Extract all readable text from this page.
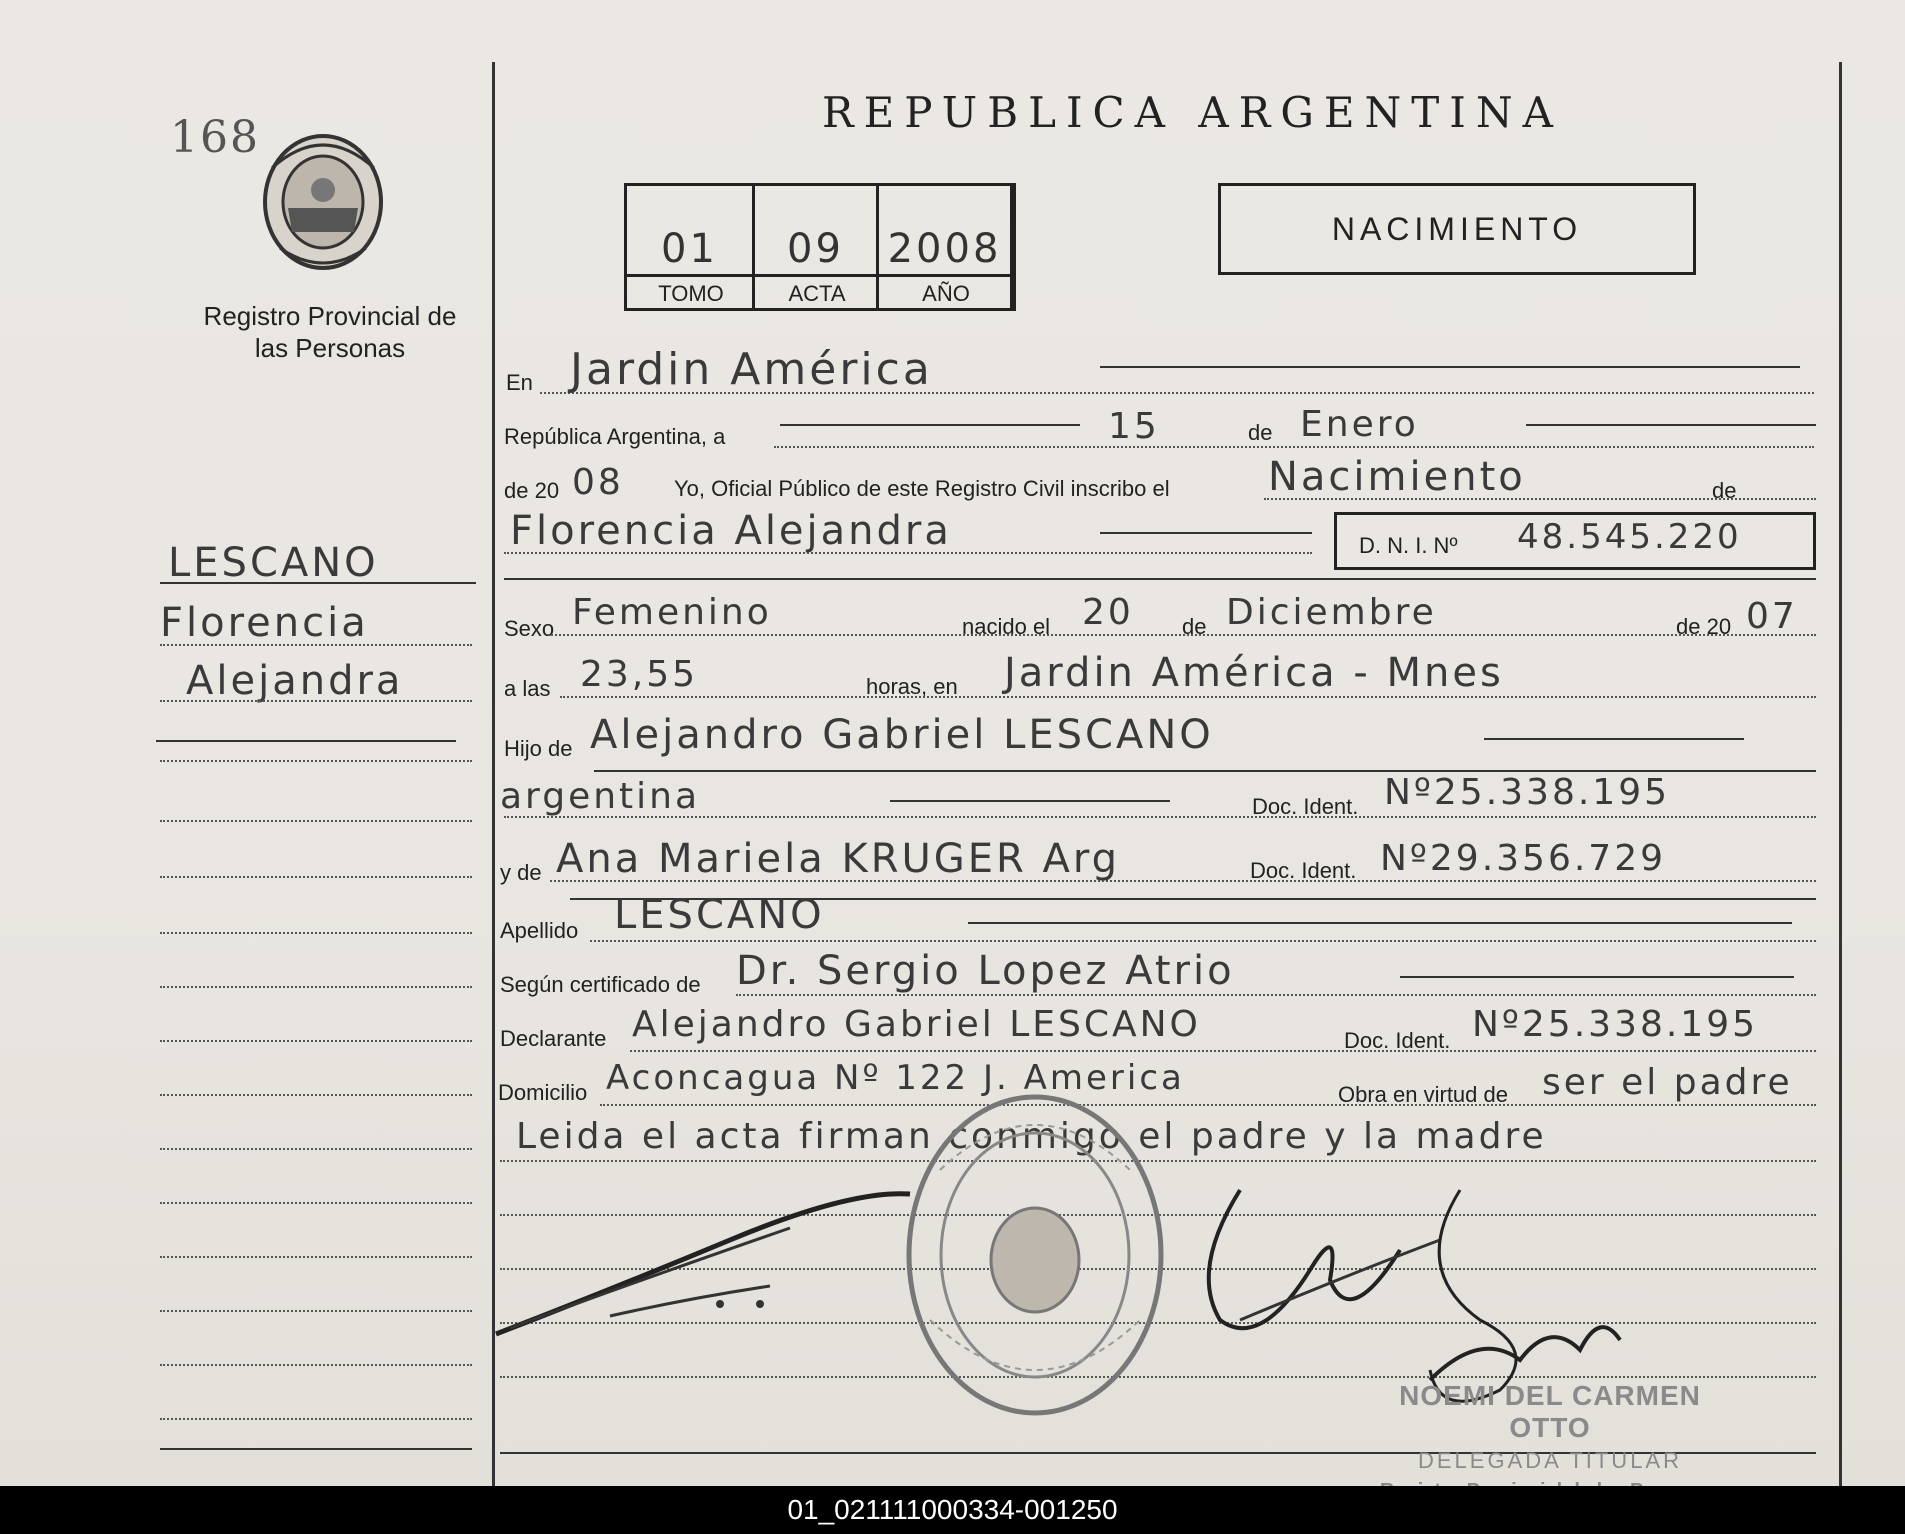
168
Registro Provincial de las Personas
LESCANO
Florencia
Alejandra
REPUBLICA ARGENTINA
01	09	2008
TOMO	ACTA	AÑO
NACIMIENTO
En Jardin América
República Argentina, a	15	de Enero
de 20 08 Yo, Oficial Público de este Registro Civil inscribo el Nacimiento	de
Florencia Alejandra	D. N. I. Nº 48.545.220
Sexo Femenino	nacido el 20 de Diciembre	de 20 07
a las 23,55	horas, en Jardin América - Mnes
Hijo de Alejandro Gabriel LESCANO
argentina	Doc. Ident. Nº25.338.195
y de Ana Mariela KRUGER Arg	Doc. Ident. Nº29.356.729
Apellido LESCANO
Según certificado de Dr. Sergio Lopez Atrio
Declarante Alejandro Gabriel LESCANO	Doc. Ident. Nº25.338.195
Domicilio Aconcagua Nº 122 J. America	Obra en virtud de ser el padre
Leida el acta firman conmigo el padre y la madre
NOEMI DEL CARMEN OTTO
DELEGADA TITULAR
01_021111000334-001250
